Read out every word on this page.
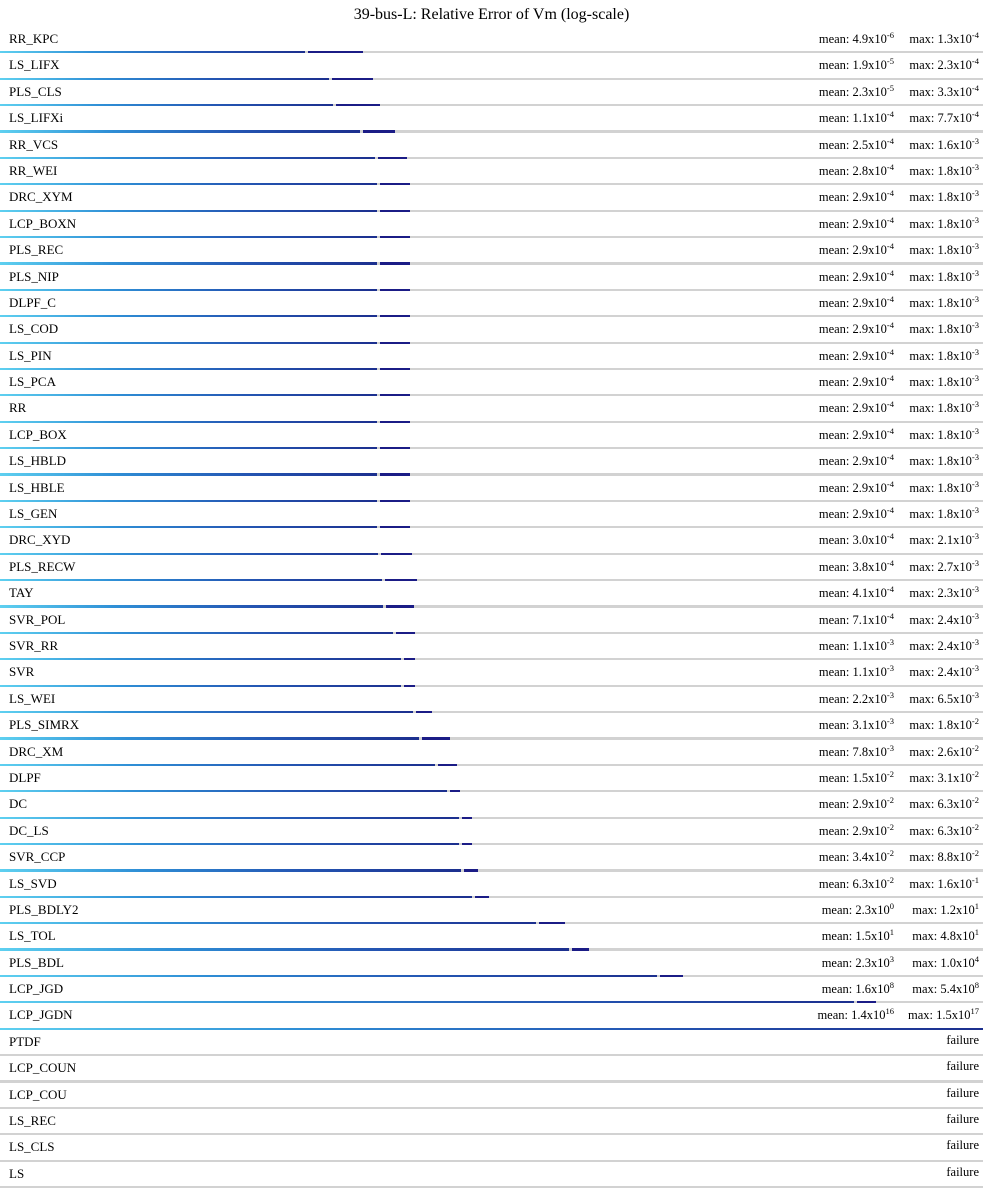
39-bus-L: Relative Error of Vm (log-scale)
RR_KPC	mean: $4.9x10^{-6}$ max: $1.3x10^{-4}$
LS_LIFX	mean: $1.9x10^{-5}$ max: $2.3x10^{-4}$
PLS_CLS	mean: $2.3x10^{-5}$ max: $3.3x10^{-4}$
LS_LIFXi	mean: $1.1x10^{-4}$ max: $7.7x10^{-4}$
RR_VCS	mean: $2.5x10^{-4}$ max: $1.6x10^{-3}$
RR_WEI	mean: $2.8x10^{-4}$ max: $1.8x10^{-3}$
DRC_XYM	mean: $2.9x10^{-4}$ max: $1.8x10^{-3}$
LCP_BOXN	mean: $2.9x10^{-4}$ max: $1.8x10^{-3}$
PLS_REC	mean: $2.9x10^{-4}$ max: $1.8x10^{-3}$
PLS_NIP	mean: $2.9x10^{-4}$ max: $1.8x10^{-3}$
DLPF_C	mean: $2.9x10^{-4}$ max: $1.8x10^{-3}$
LS_COD	mean: $2.9x10^{-4}$ max: $1.8x10^{-3}$
LS_PIN	mean: $2.9x10^{-4}$ max: $1.8x10^{-3}$
LS_PCA	mean: $2.9x10^{-4}$ max: $1.8x10^{-3}$
RR	mean: $2.9x10^{-4}$ max: $1.8x10^{-3}$
LCP_BOX	mean: $2.9x10^{-4}$ max: $1.8x10^{-3}$
LS_HBLD	mean: $2.9x10^{-4}$ max: $1.8x10^{-3}$
LS_HBLE	mean: $2.9x10^{-4}$ max: $1.8x10^{-3}$
LS_GEN	mean: $2.9x10^{-4}$ max: $1.8x10^{-3}$
DRC_XYD	mean: $3.0x10^{-4}$ max: $2.1x10^{-3}$
PLS_RECW	mean: $3.8x10^{-4}$ max: $2.7x10^{-3}$
TAY	mean: $4.1x10^{-4}$ max: $2.3x10^{-3}$
SVR_POL	mean: $7.1x10^{-4}$ max: $2.4x10^{-3}$
SVR_RR	mean: $1.1x10^{-3}$ max: $2.4x10^{-3}$
SVR	mean: $1.1x10^{-3}$ max: $2.4x10^{-3}$
LS_WEI	mean: $2.2x10^{-3}$ max: $6.5x10^{-3}$
PLS_SIMRX	mean: $3.1x10^{-3}$ max: $1.8x10^{-2}$
DRC_XM	mean: $7.8x10^{-3}$ max: $2.6x10^{-2}$
DLPF	mean: $1.5x10^{-2}$ max: $3.1x10^{-2}$
DC	mean: $2.9x10^{-2}$ max: $6.3x10^{-2}$
DC_LS	mean: $2.9x10^{-2}$ max: $6.3x10^{-2}$
SVR_CCP	mean: $3.4x10^{-2}$ max: $8.8x10^{-2}$
LS_SVD	mean: $6.3x10^{-2}$ max: $1.6x10^{-1}$
PLS_BDLY2	mean: $2.3x10^0$ max: $1.2x10^1$
LS_TOL	mean: $1.5x10^1$ max: $4.8x10^1$
PLS_BDL	mean: $2.3x10^3$ max: $1.0x10^4$
LCP_JGD	mean: $1.6x10^8$ max: $5.4x10^8$
LCP_JGDN	mean: $1.4x10^{16}$ max: $1.5x10^{17}$
PTDF	failure
LCP_COUN	failure
LCP_COU	failure
LS_REC	failure
LS_CLS	failure
LS	failure
